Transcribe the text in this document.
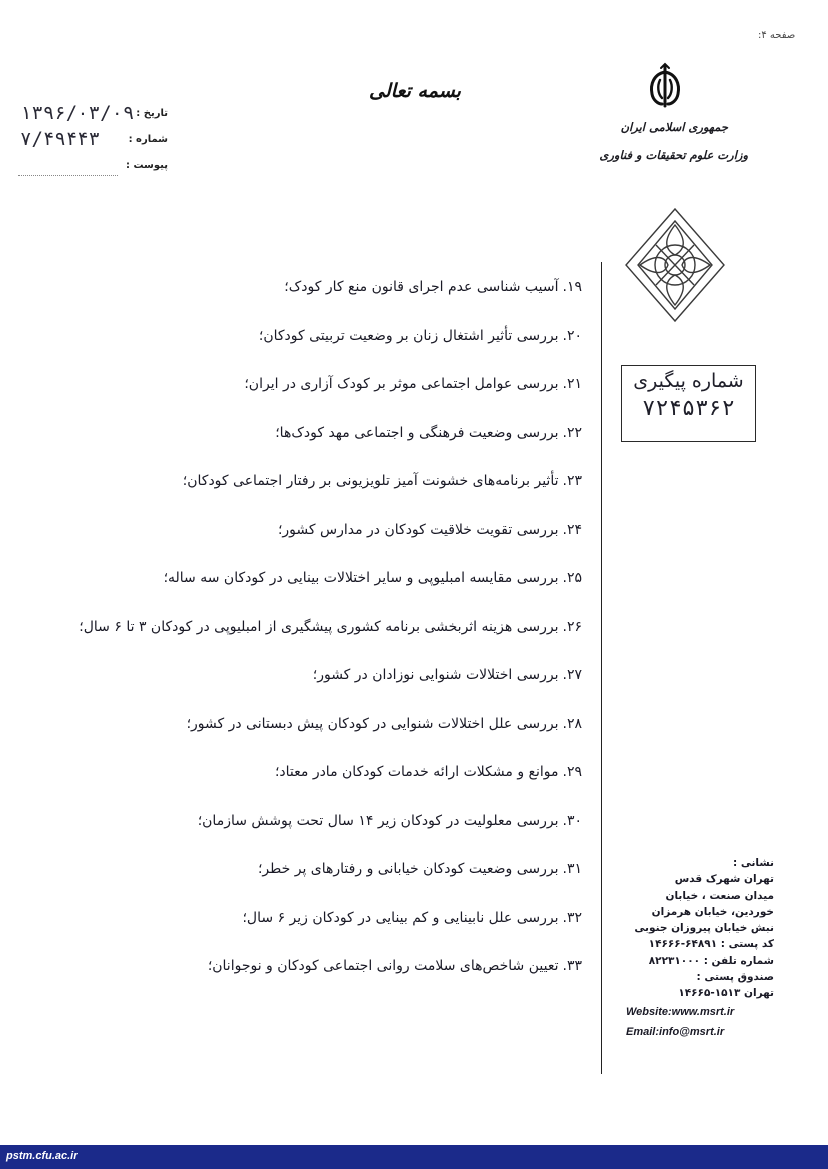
صفحه ۴:
بسمه تعالی
۱۳۹۶/۰۳/۰۹ تاریخ :
۷/۴۹۴۴۳	شماره :
پیوست :
جمهوری اسلامی ایران
وزارت علوم تحقیقات و فناوری
شماره پیگیری
۷۲۴۵۳۶۲
۱۹.آسیب شناسی عدم اجرای قانون منع کار کودک؛
۲۰.بررسی تأثیر اشتغال زنان بر وضعیت تربیتی کودکان؛
۲۱.بررسی عوامل اجتماعی موثر بر کودک آزاری در ایران؛
۲۲.بررسی وضعیت فرهنگی و اجتماعی مهد کودک‌ها؛
۲۳.تأثیر برنامه‌های خشونت آمیز تلویزیونی بر رفتار اجتماعی کودکان؛
۲۴.بررسی تقویت خلاقیت کودکان در مدارس کشور؛
۲۵.بررسی مقایسه امبلیوپی و سایر اختلالات بینایی در کودکان سه ساله؛
۲۶.بررسی هزینه اثربخشی برنامه کشوری پیشگیری از امبلیوپی در کودکان ۳ تا ۶ سال؛
۲۷.بررسی اختلالات شنوایی نوزادان در کشور؛
۲۸.بررسی علل اختلالات شنوایی در کودکان پیش دبستانی در کشور؛
۲۹.موانع و مشکلات ارائه خدمات کودکان مادر معتاد؛
۳۰.بررسی معلولیت در کودکان زیر ۱۴ سال تحت پوشش سازمان؛
۳۱.بررسی وضعیت کودکان خیابانی و رفتارهای پر خطر؛
۳۲.بررسی علل نابینایی و کم بینایی در کودکان زیر ۶ سال؛
۳۳.تعیین شاخص‌های سلامت روانی اجتماعی کودکان و نوجوانان؛
نشانی :
تهران شهرک قدس
میدان صنعت ، خیابان
خوردین، خیابان هرمزان
نبش خیابان پیروزان جنوبی
کد پستی : ۶۴۸۹۱-۱۴۶۶۶
شماره تلفن : ۸۲۲۳۱۰۰۰
صندوق پستی :
تهران ۱۵۱۳-۱۴۶۶۵
Website:www.msrt.ir
Email:info@msrt.ir
pstm.cfu.ac.ir
